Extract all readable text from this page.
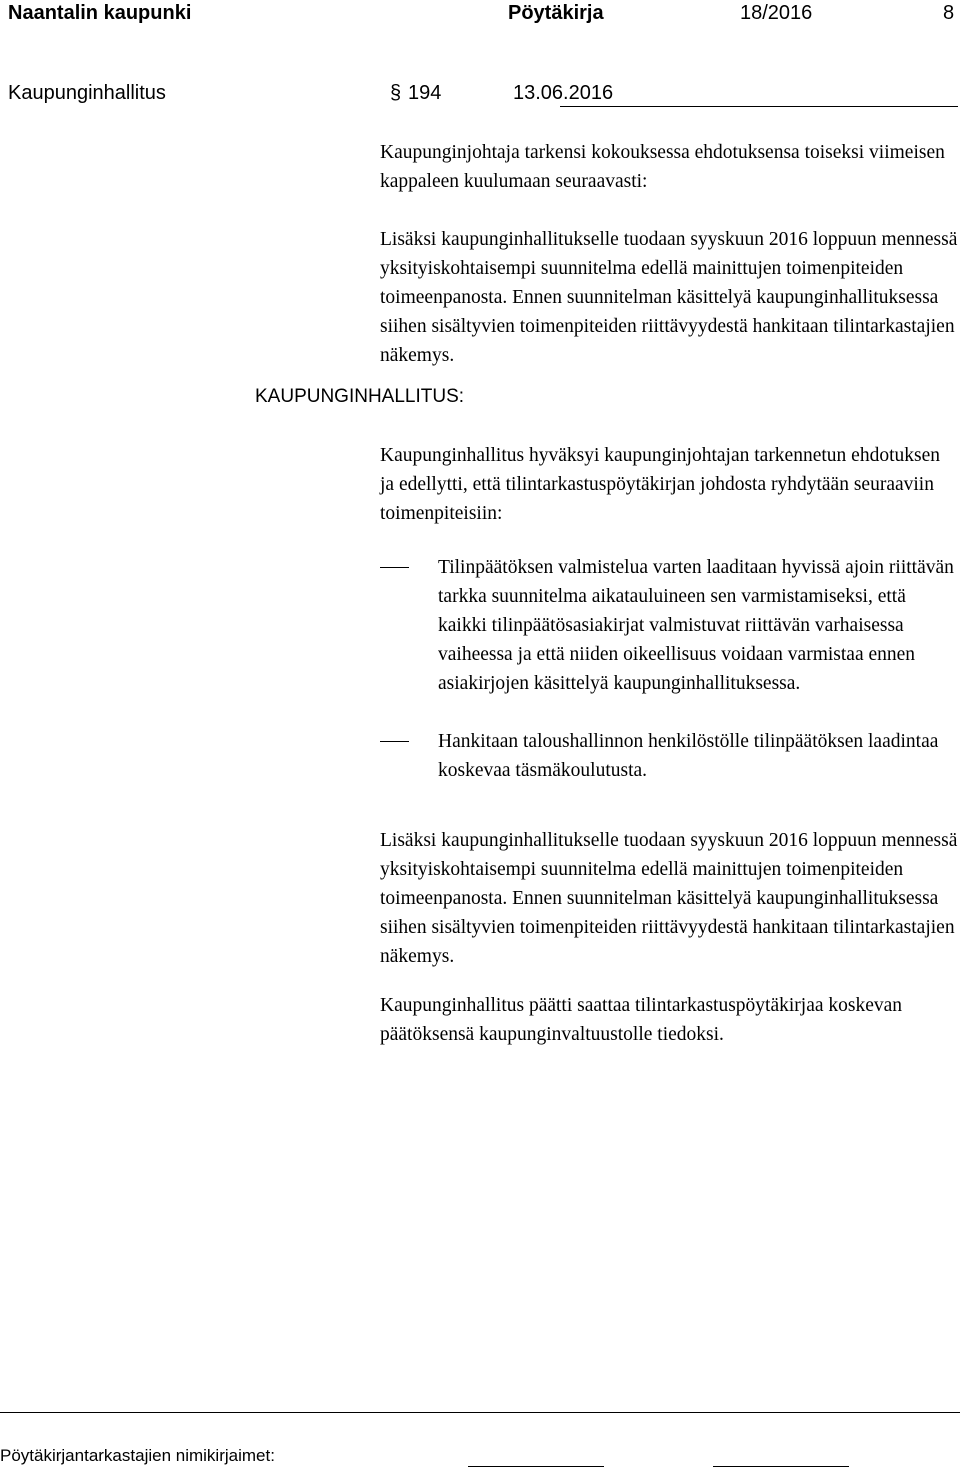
Naantalin kaupunki	Pöytäkirja	18/2016	8
Kaupunginhallitus	§ 194	13.06.2016

Kaupunginjohtaja tarkensi kokouksessa ehdotuksensa toiseksi viimeisen kappaleen kuulumaan seuraavasti:

Lisäksi kaupunginhallitukselle tuodaan syyskuun 2016 loppuun mennessä yksityiskohtaisempi suunnitelma edellä mainittujen toimenpiteiden toimeenpanosta. Ennen suunnitelman käsittelyä kaupunginhallituksessa siihen sisältyvien toimenpiteiden riittävyydestä hankitaan tilintarkastajien näkemys.

KAUPUNGINHALLITUS:

Kaupunginhallitus hyväksyi kaupunginjohtajan tarkennetun ehdotuksen ja edellytti, että tilintarkastuspöytäkirjan johdosta ryhdytään seuraaviin toimenpiteisiin:

Tilinpäätöksen valmistelua varten laaditaan hyvissä ajoin riittävän tarkka suunnitelma aikatauluineen sen varmistamiseksi, että kaikki tilinpäätösasiakirjat valmistuvat riittävän varhaisessa vaiheessa ja että niiden oikeellisuus voidaan varmistaa ennen asiakirjojen käsittelyä kaupunginhallituksessa.

Hankitaan taloushallinnon henkilöstölle tilinpäätöksen laadintaa koskevaa täsmäkoulutusta.

Lisäksi kaupunginhallitukselle tuodaan syyskuun 2016 loppuun mennessä yksityiskohtaisempi suunnitelma edellä mainittujen toimenpiteiden toimeenpanosta. Ennen suunnitelman käsittelyä kaupunginhallituksessa siihen sisältyvien toimenpiteiden riittävyydestä hankitaan tilintarkastajien näkemys.

Kaupunginhallitus päätti saattaa tilintarkastuspöytäkirjaa koskevan päätöksensä kaupunginvaltuustolle tiedoksi.

Pöytäkirjantarkastajien nimikirjaimet:
